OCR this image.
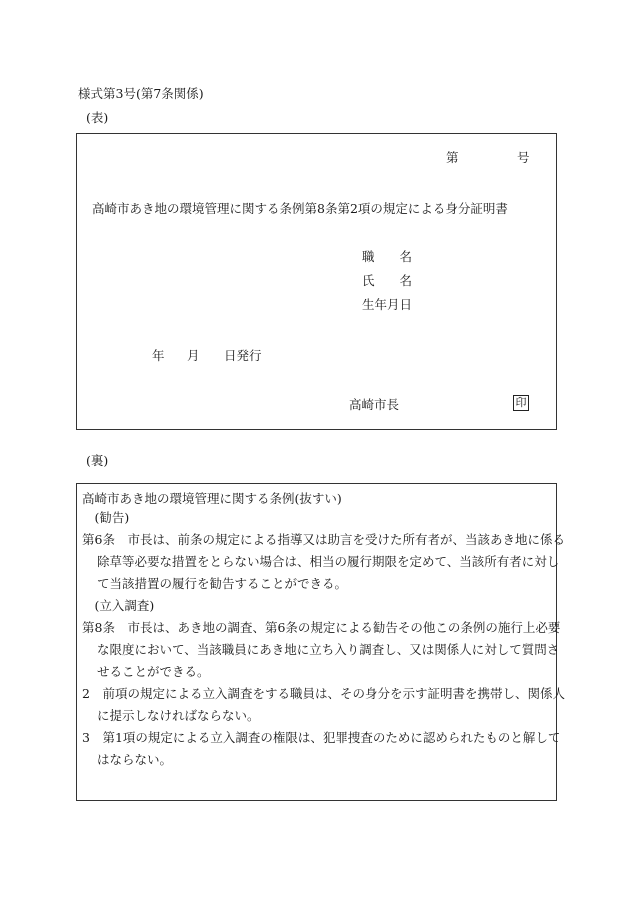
様式第3号(第7条関係)
(表)
第	号
高崎市あき地の環境管理に関する条例第8条第2項の規定による身分証明書
職　　名
氏　　名
生年月日
年 月 日発行
高崎市長	印
(裏)
高崎市あき地の環境管理に関する条例(抜すい)
(勧告)
第6条　市長は、前条の規定による指導又は助言を受けた所有者が、当該あき地に係る除草等必要な措置をとらない場合は、相当の履行期限を定めて、当該所有者に対して当該措置の履行を勧告することができる。
(立入調査)
第8条　市長は、あき地の調査、第6条の規定による勧告その他この条例の施行上必要な限度において、当該職員にあき地に立ち入り調査し、又は関係人に対して質問させることができる。
2　前項の規定による立入調査をする職員は、その身分を示す証明書を携帯し、関係人に提示しなければならない。
3　第1項の規定による立入調査の権限は、犯罪捜査のために認められたものと解してはならない。
